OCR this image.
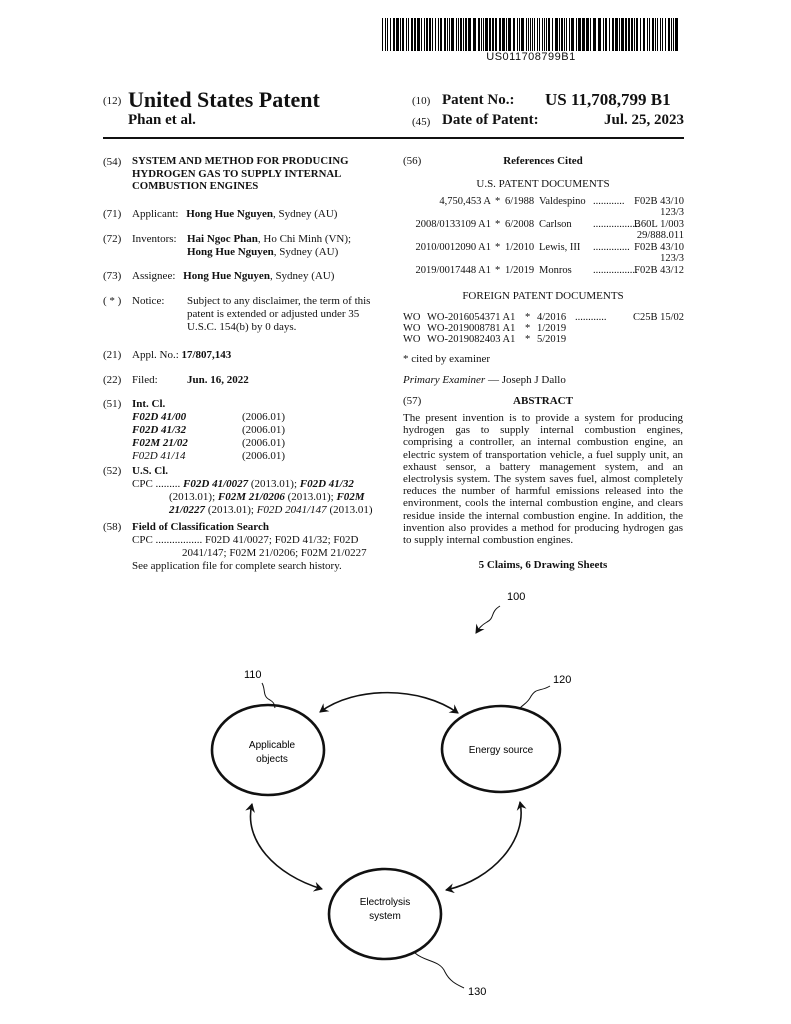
US011708799B1
(12) United States Patent
Phan et al.
(10) Patent No.: US 11,708,799 B1
(45) Date of Patent:	Jul. 25, 2023
(54) SYSTEM AND METHOD FOR PRODUCING
HYDROGEN GAS TO SUPPLY INTERNAL
COMBUSTION ENGINES
(71) Applicant: Hong Hue Nguyen, Sydney (AU)
(72) Inventors: Hai Ngoc Phan, Ho Chi Minh (VN);
Hong Hue Nguyen, Sydney (AU)
(73) Assignee: Hong Hue Nguyen, Sydney (AU)
( * ) Notice: Subject to any disclaimer, the term of this
patent is extended or adjusted under 35
U.S.C. 154(b) by 0 days.
(21) Appl. No.: 17/807,143
(22) Filed:	Jun. 16, 2022
(51) Int. Cl.
F02D 41/00	(2006.01)
F02D 41/32	(2006.01)
F02M 21/02	(2006.01)
F02D 41/14	(2006.01)
(52) U.S. Cl.
CPC ......... F02D 41/0027 (2013.01); F02D 41/32
(2013.01); F02M 21/0206 (2013.01); F02M
21/0227 (2013.01); F02D 2041/147 (2013.01)
(58) Field of Classification Search
CPC ................. F02D 41/0027; F02D 41/32; F02D
2041/147; F02M 21/0206; F02M 21/0227
See application file for complete search history.
(56)	References Cited
U.S. PATENT DOCUMENTS
4,750,453 A * 6/1988 Valdespino ............ F02B 43/10
123/3
2008/0133109 A1 * 6/2008 Carlson ..................
B60L 1/003
29/888.011
2010/0012090 A1 * 1/2010 Lewis, III .............. F02B 43/10
123/3
2019/0017448 A1 * 1/2019 Monros .................
F02B 43/12
FOREIGN PATENT DOCUMENTS
WO WO-2016054371 A1 * 4/2016 ............	C25B 15/02
WO WO-2019008781 A1 * 1/2019
WO WO-2019082403 A1 * 5/2019
* cited by examiner
Primary Examiner — Joseph J Dallo
(57)	ABSTRACT
The present invention is to provide a system for producing hydrogen gas to supply internal combustion engines, comprising a controller, an internal combustion engine, an electric system of transportation vehicle, a fuel supply unit, an exhaust sensor, a battery management system, and an electrolysis system. The system saves fuel, almost completely reduces the number of harmful emissions released into the environment, cools the internal combustion engine, and clears residue inside the internal combustion engine. In addition, the invention also provides a method for producing hydrogen gas to supply internal combustion engines.
5 Claims, 6 Drawing Sheets
100
Applicable
objects
Energy source
Electrolysis
system
110	120
130
